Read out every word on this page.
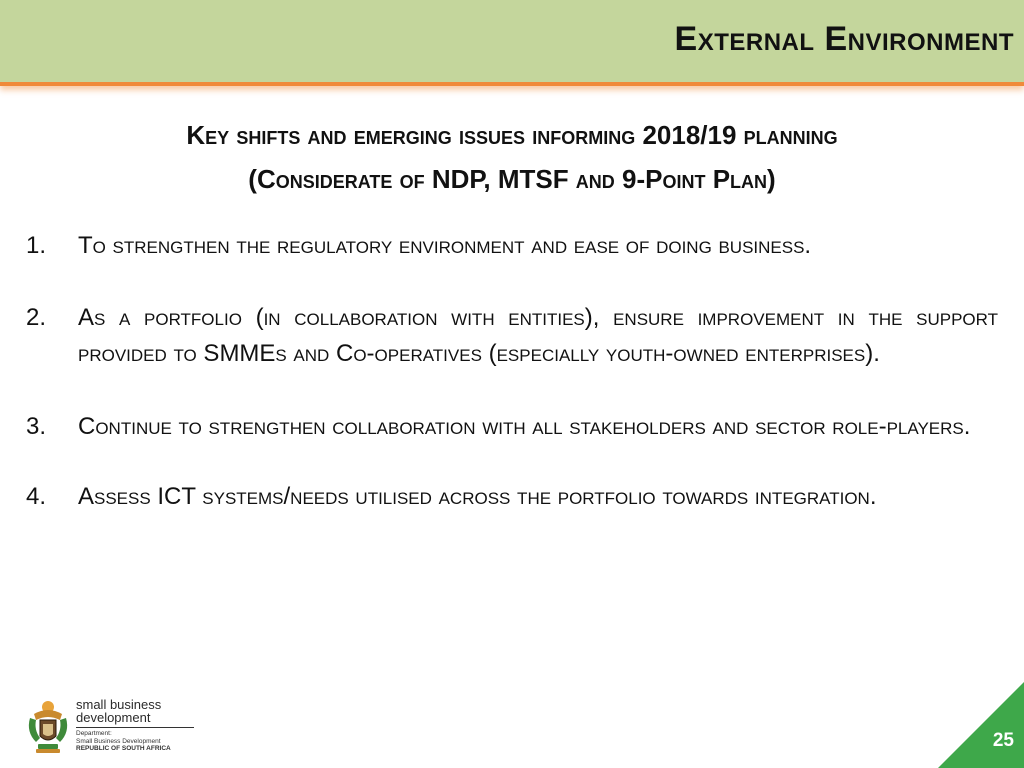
External Environment
Key shifts and emerging issues informing 2018/19 planning
(Considerate of NDP, MTSF and 9-Point Plan)
1. To strengthen the regulatory environment and ease of doing business.
2. As a portfolio (in collaboration with entities), ensure improvement in the support provided to SMMEs and Co-operatives (especially youth-owned enterprises).
3. Continue to strengthen collaboration with all stakeholders and sector role-players.
4. Assess ICT systems/needs utilised across the portfolio towards integration.
small business
development
Department:
Small Business Development
REPUBLIC OF SOUTH AFRICA	25
